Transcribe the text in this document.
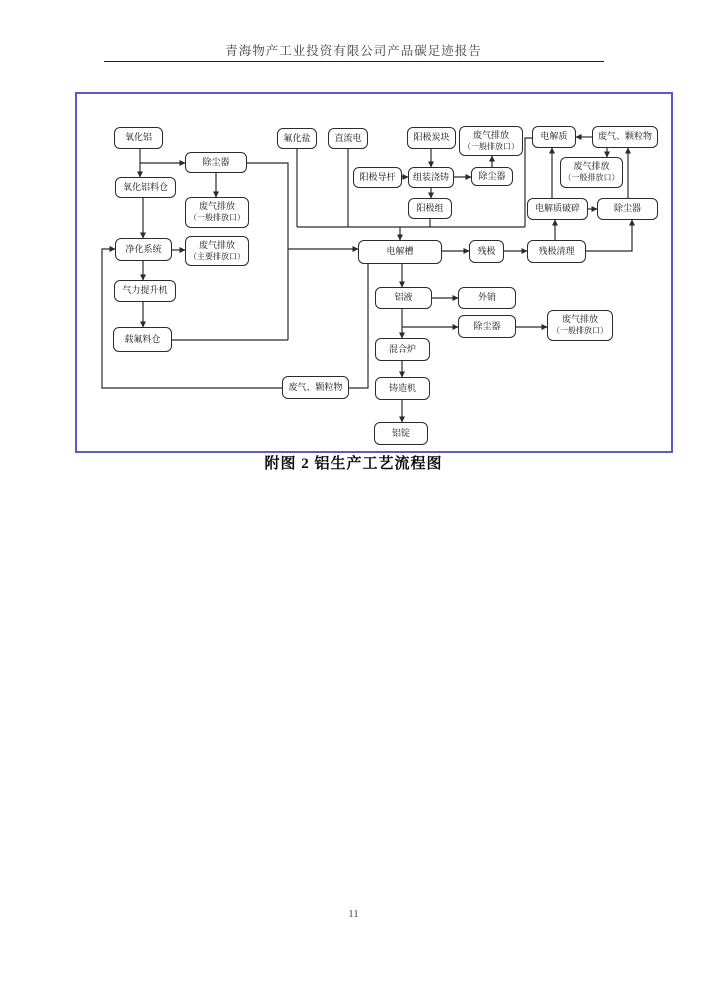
青海物产工业投资有限公司产品碳足迹报告
氧化铝
除尘器
氧化铝料仓
废气排放
（一般排放口）
净化系统	废气排放
（主要排放口）
气力提升机
载氟料仓
氟化盐	直流电	阳极炭块	废气排放
（一般排放口）
阳极导杆 组装浇铸	除尘器
阳极组
电解质	废气、颗粒物
废气排放
（一般排放口）
电解质破碎	除尘器
电解槽	残极	残极清理
铝液	外销
除尘器
废气排放
（一般排放口）
混合炉
废气、颗粒物	铸造机
铝锭
附图 2 铝生产工艺流程图
11
